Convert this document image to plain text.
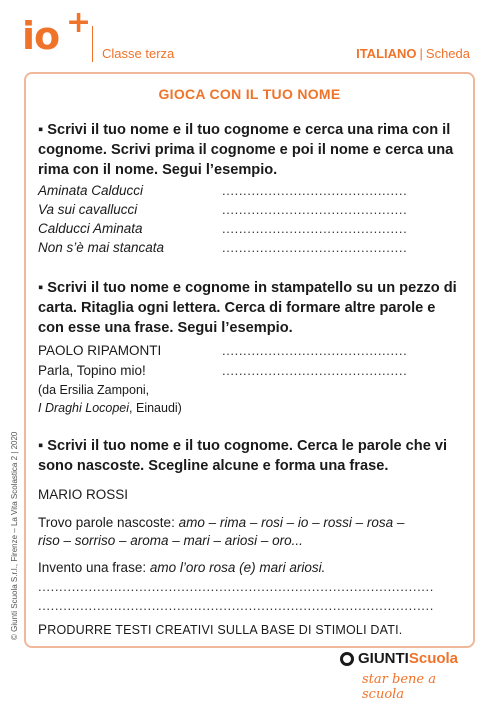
io +
Classe terza	ITALIANO | Scheda
GIOCA CON IL TUO NOME
▪ Scrivi il tuo nome e il tuo cognome e cerca una rima con il cognome. Scrivi prima il cognome e poi il nome e cerca una rima con il nome. Segui l’esempio.
Aminata Calducci	............................................
Va sui cavallucci	............................................
Calducci Aminata	............................................
Non s’è mai stancata	............................................
▪ Scrivi il tuo nome e cognome in stampatello su un pezzo di carta. Ritaglia ogni lettera. Cerca di formare altre parole e con esse una frase. Segui l’esempio.
PAOLO RIPAMONTI	............................................
Parla, Topino mio!	............................................
(da Ersilia Zamponi,
I Draghi Locopei, Einaudi)
▪ Scrivi il tuo nome e il tuo cognome. Cerca le parole che vi sono nascoste. Scegline alcune e forma una frase.
MARIO ROSSI
Trovo parole nascoste: amo – rima – rosi – io – rossi – rosa –
riso – sorriso – aroma – mari – ariosi – oro...
Invento una frase: amo l’oro rosa (e) mari ariosi.
..............................................................................................
..............................................................................................
PRODURRE TESTI CREATIVI SULLA BASE DI STIMOLI DATI.
© Giunti Scuola S.r.l., Firenze – La Vita Scolastica 2 | 2020
GIUNTIScuola
star bene a scuola
